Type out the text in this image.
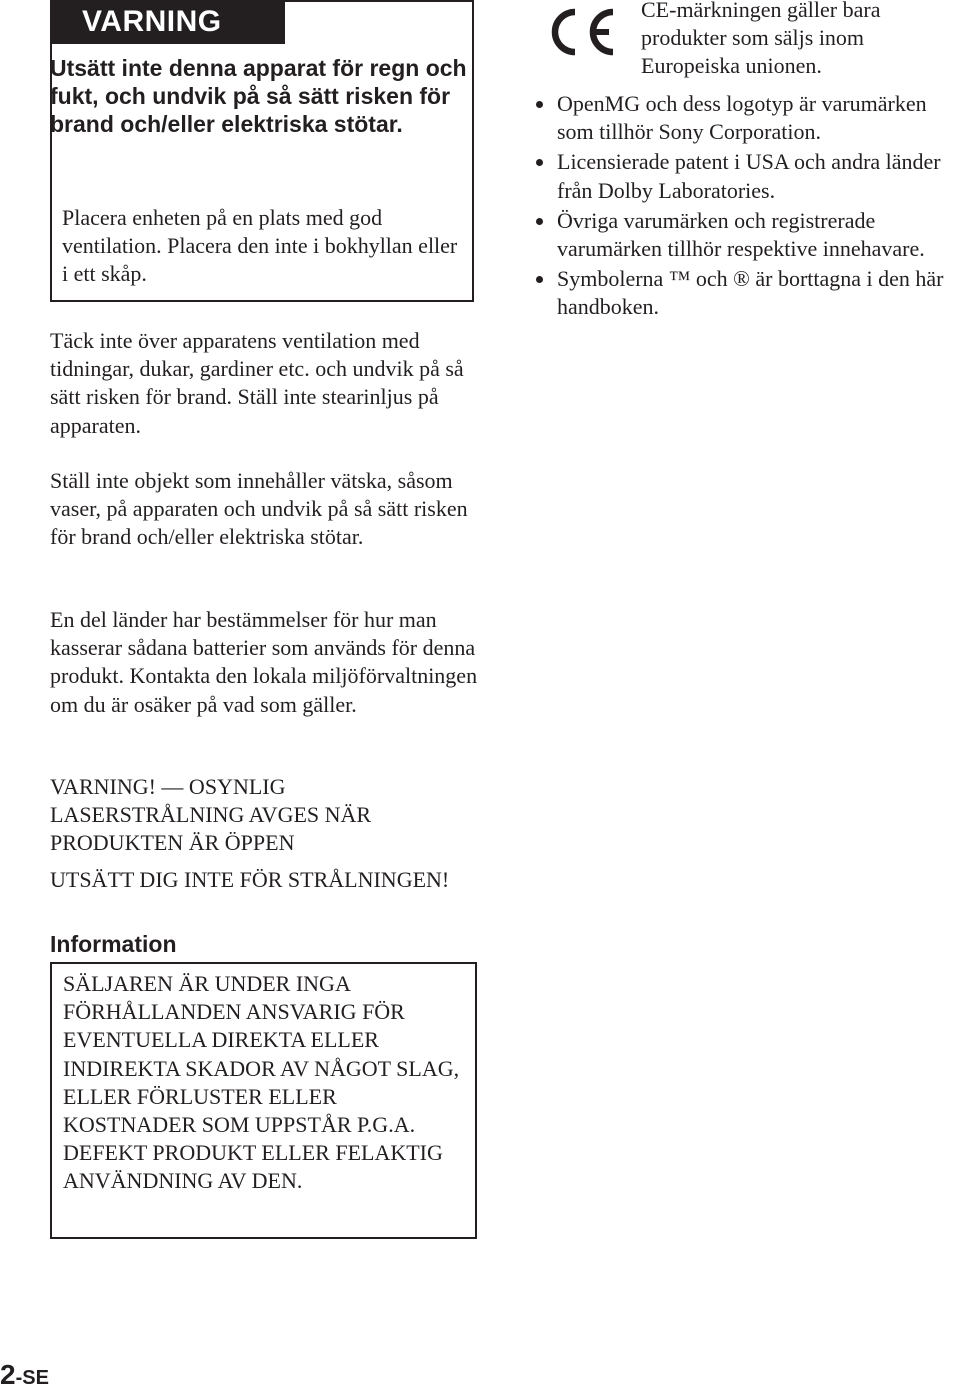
VARNING

Utsätt inte denna apparat för regn och fukt, och undvik på så sätt risken för brand och/eller elektriska stötar.

Placera enheten på en plats med god ventilation. Placera den inte i bokhyllan eller i ett skåp.

Täck inte över apparatens ventilation med tidningar, dukar, gardiner etc. och undvik på så sätt risken för brand. Ställ inte stearinljus på apparaten.

Ställ inte objekt som innehåller vätska, såsom vaser, på apparaten och undvik på så sätt risken för brand och/eller elektriska stötar.

En del länder har bestämmelser för hur man kasserar sådana batterier som används för denna produkt. Kontakta den lokala miljöförvaltningen om du är osäker på vad som gäller.

VARNING! — OSYNLIG LASERSTRÅLNING AVGES NÄR PRODUKTEN ÄR ÖPPEN

UTSÄTT DIG INTE FÖR STRÅLNINGEN!

Information

SÄLJAREN ÄR UNDER INGA FÖRHÅLLANDEN ANSVARIG FÖR EVENTUELLA DIREKTA ELLER INDIREKTA SKADOR AV NÅGOT SLAG, ELLER FÖRLUSTER ELLER KOSTNADER SOM UPPSTÅR P.G.A. DEFEKT PRODUKT ELLER FELAKTIG ANVÄNDNING AV DEN.

CE-märkningen gäller bara produkter som säljs inom Europeiska unionen.

OpenMG och dess logotyp är varumärken som tillhör Sony Corporation.
Licensierade patent i USA och andra länder från Dolby Laboratories.
Övriga varumärken och registrerade varumärken tillhör respektive innehavare.
Symbolerna ™ och ® är borttagna i den här handboken.
2-SE
